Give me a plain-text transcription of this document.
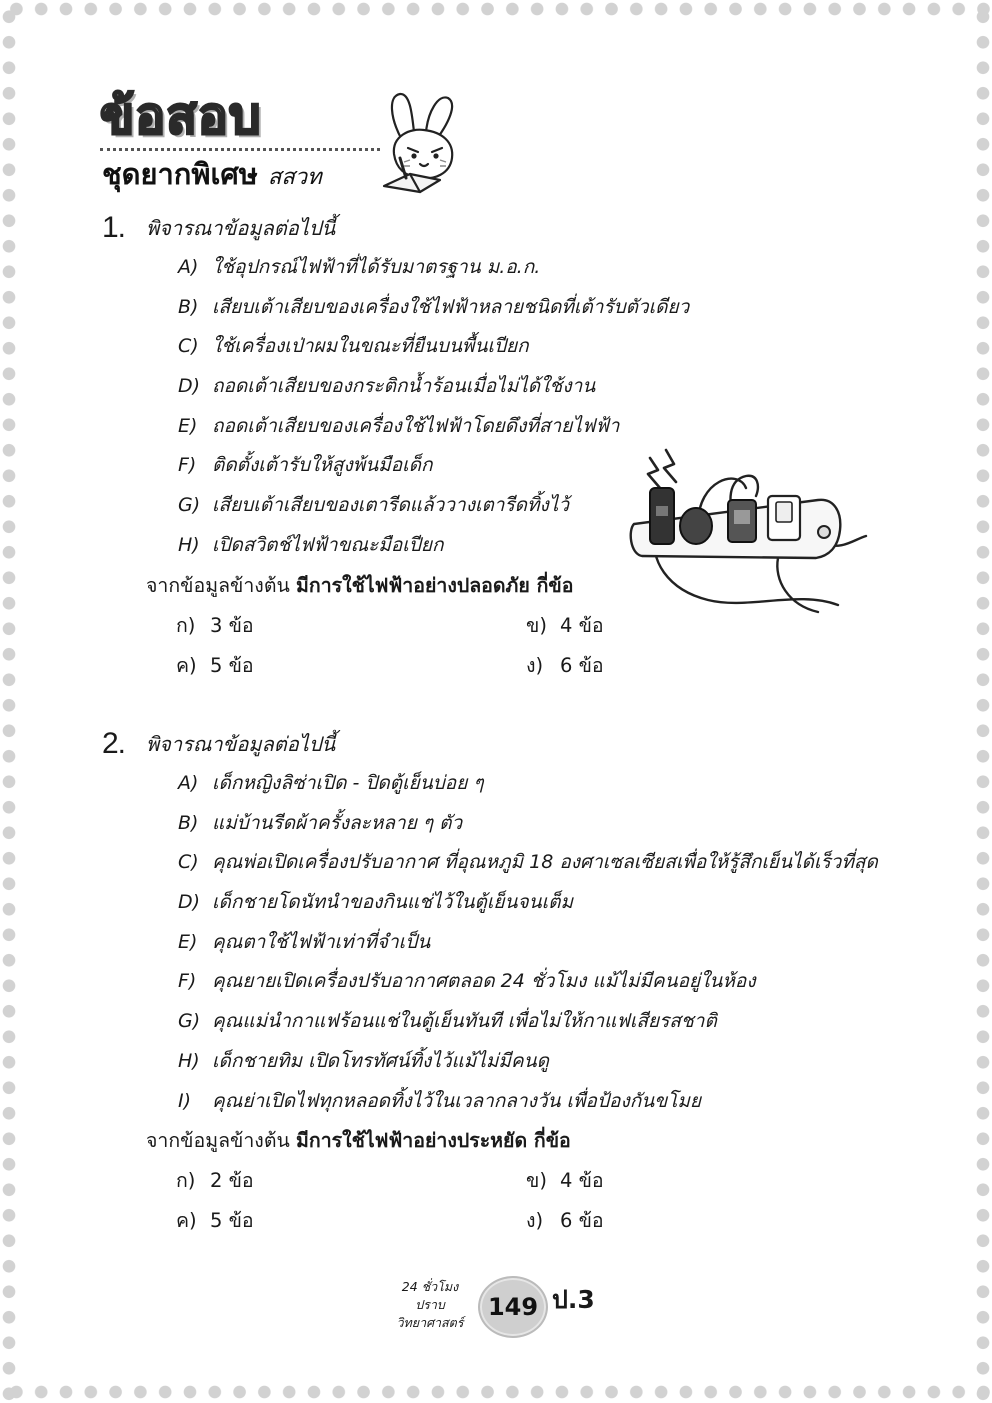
ข้อสอบ
ชุดยากพิเศษ สสวท
1. พิจารณาข้อมูลต่อไปนี้
A) ใช้อุปกรณ์ไฟฟ้าที่ได้รับมาตรฐาน ม.อ.ก.
B) เสียบเต้าเสียบของเครื่องใช้ไฟฟ้าหลายชนิดที่เต้ารับตัวเดียว
C) ใช้เครื่องเป่าผมในขณะที่ยืนบนพื้นเปียก
D) ถอดเต้าเสียบของกระติกน้ำร้อนเมื่อไม่ได้ใช้งาน
E) ถอดเต้าเสียบของเครื่องใช้ไฟฟ้าโดยดึงที่สายไฟฟ้า
F) ติดตั้งเต้ารับให้สูงพ้นมือเด็ก
G) เสียบเต้าเสียบของเตารีดแล้ววางเตารีดทิ้งไว้
H) เปิดสวิตช์ไฟฟ้าขณะมือเปียก
จากข้อมูลข้างต้น มีการใช้ไฟฟ้าอย่างปลอดภัย กี่ข้อ
ก) 3 ข้อ	ข) 4 ข้อ
ค) 5 ข้อ	ง) 6 ข้อ
2. พิจารณาข้อมูลต่อไปนี้
A) เด็กหญิงลิซ่าเปิด - ปิดตู้เย็นบ่อย ๆ
B) แม่บ้านรีดผ้าครั้งละหลาย ๆ ตัว
C) คุณพ่อเปิดเครื่องปรับอากาศ ที่อุณหภูมิ 18 องศาเซลเซียสเพื่อให้รู้สึกเย็นได้เร็วที่สุด
D) เด็กชายโดนัทนำของกินแช่ไว้ในตู้เย็นจนเต็ม
E) คุณตาใช้ไฟฟ้าเท่าที่จำเป็น
F) คุณยายเปิดเครื่องปรับอากาศตลอด 24 ชั่วโมง แม้ไม่มีคนอยู่ในห้อง
G) คุณแม่นำกาแฟร้อนแช่ในตู้เย็นทันที เพื่อไม่ให้กาแฟเสียรสชาติ
H) เด็กชายทิม เปิดโทรทัศน์ทิ้งไว้แม้ไม่มีคนดู
I) คุณย่าเปิดไฟทุกหลอดทิ้งไว้ในเวลากลางวัน เพื่อป้องกันขโมย
จากข้อมูลข้างต้น มีการใช้ไฟฟ้าอย่างประหยัด กี่ข้อ
ก) 2 ข้อ	ข) 4 ข้อ
ค) 5 ข้อ	ง) 6 ข้อ
24 ชั่วโมง
ปราบ
วิทยาศาสตร์
149 ป.3
